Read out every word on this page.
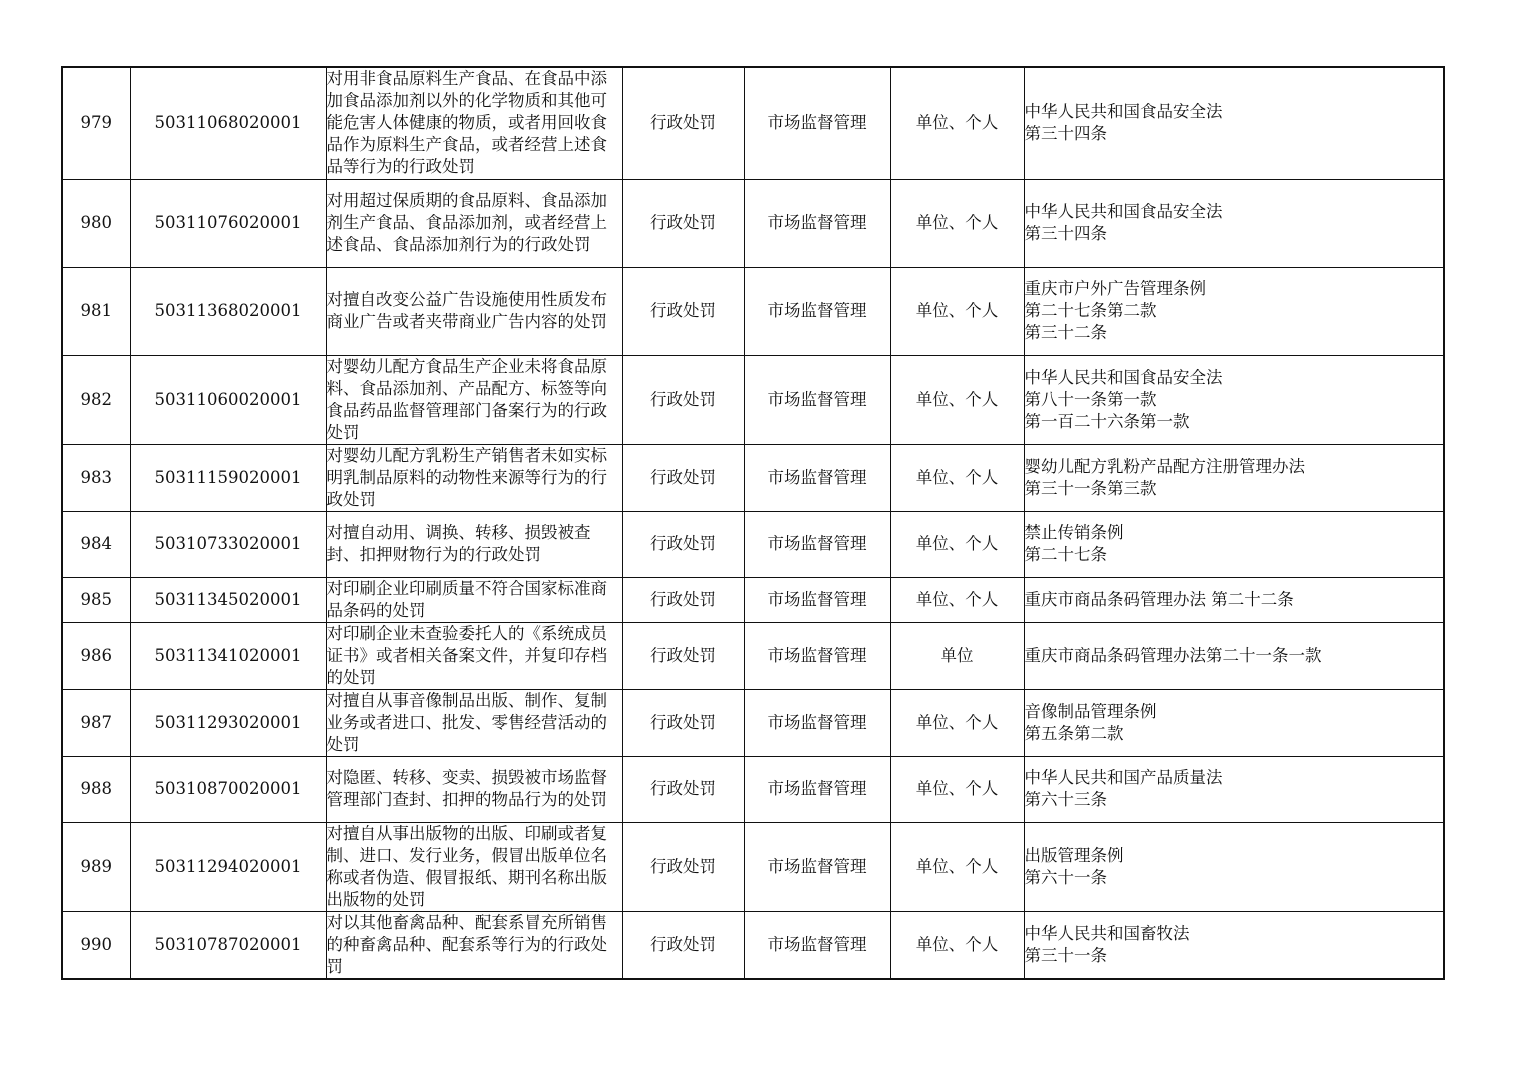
979	50311068020001	对用非食品原料生产食品、在食品中添加食品添加剂以外的化学物质和其他可能危害人体健康的物质，或者用回收食品作为原料生产食品，或者经营上述食品等行为的行政处罚	行政处罚	市场监督管理	单位、个人	中华人民共和国食品安全法
第三十四条

980	50311076020001	对用超过保质期的食品原料、食品添加剂生产食品、食品添加剂，或者经营上述食品、食品添加剂行为的行政处罚	行政处罚	市场监督管理	单位、个人	中华人民共和国食品安全法
第三十四条

981	50311368020001	对擅自改变公益广告设施使用性质发布商业广告或者夹带商业广告内容的处罚	行政处罚	市场监督管理	单位、个人	重庆市户外广告管理条例
第二十七条第二款
第三十二条

982	50311060020001	对婴幼儿配方食品生产企业未将食品原料、食品添加剂、产品配方、标签等向食品药品监督管理部门备案行为的行政处罚	行政处罚	市场监督管理	单位、个人	中华人民共和国食品安全法
第八十一条第一款
第一百二十六条第一款

983	50311159020001	对婴幼儿配方乳粉生产销售者未如实标明乳制品原料的动物性来源等行为的行政处罚	行政处罚	市场监督管理	单位、个人	婴幼儿配方乳粉产品配方注册管理办法
第三十一条第三款

984	50310733020001	对擅自动用、调换、转移、损毁被查封、扣押财物行为的行政处罚	行政处罚	市场监督管理	单位、个人	禁止传销条例
第二十七条

985	50311345020001	对印刷企业印刷质量不符合国家标准商品条码的处罚	行政处罚	市场监督管理	单位、个人	重庆市商品条码管理办法 第二十二条

986	50311341020001	对印刷企业未查验委托人的《系统成员证书》或者相关备案文件，并复印存档的处罚	行政处罚	市场监督管理	单位	重庆市商品条码管理办法第二十一条一款

987	50311293020001	对擅自从事音像制品出版、制作、复制业务或者进口、批发、零售经营活动的处罚	行政处罚	市场监督管理	单位、个人	音像制品管理条例
第五条第二款

988	50310870020001	对隐匿、转移、变卖、损毁被市场监督管理部门查封、扣押的物品行为的处罚	行政处罚	市场监督管理	单位、个人	中华人民共和国产品质量法
第六十三条

989	50311294020001	对擅自从事出版物的出版、印刷或者复制、进口、发行业务，假冒出版单位名称或者伪造、假冒报纸、期刊名称出版出版物的处罚	行政处罚	市场监督管理	单位、个人	出版管理条例
第六十一条

990	50310787020001	对以其他畜禽品种、配套系冒充所销售的种畜禽品种、配套系等行为的行政处罚	行政处罚	市场监督管理	单位、个人	中华人民共和国畜牧法
第三十一条
